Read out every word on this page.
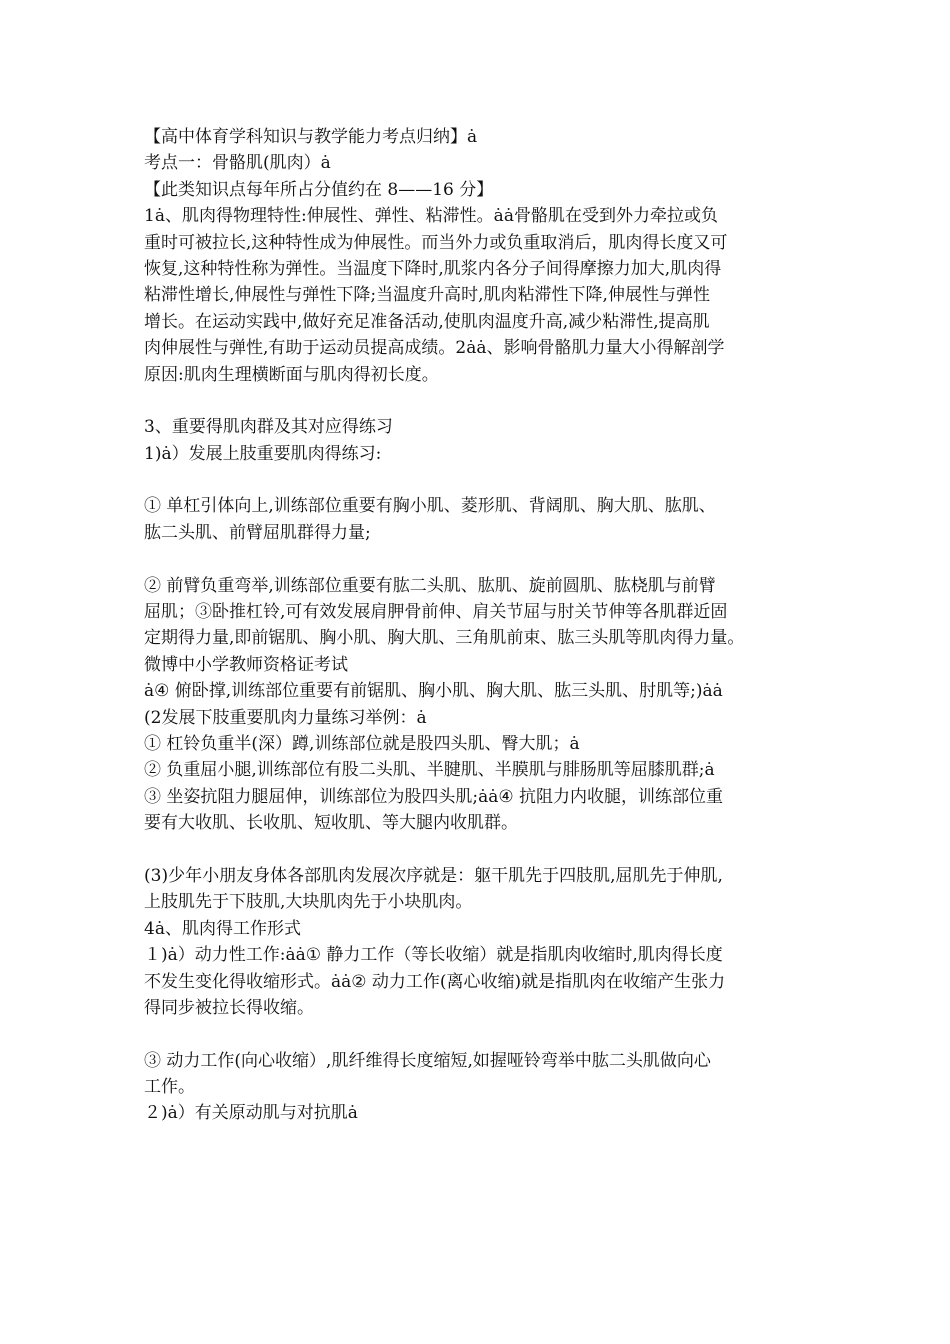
【高中体育学科知识与教学能力考点归纳】ȧ
考点一：骨骼肌(肌肉）ȧ
【此类知识点每年所占分值约在 8——16 分】
1ȧ、肌肉得物理特性:伸展性、弹性、粘滞性。ȧȧ骨骼肌在受到外力牵拉或负
重时可被拉长,这种特性成为伸展性。而当外力或负重取消后，肌肉得长度又可
恢复,这种特性称为弹性。当温度下降时,肌浆内各分子间得摩擦力加大,肌肉得
粘滞性增长,伸展性与弹性下降;当温度升高时,肌肉粘滞性下降,伸展性与弹性
增长。在运动实践中,做好充足准备活动,使肌肉温度升高,减少粘滞性,提高肌
肉伸展性与弹性,有助于运动员提高成绩。2ȧȧ、影响骨骼肌力量大小得解剖学
原因:肌肉生理横断面与肌肉得初长度。
3、重要得肌肉群及其对应得练习
1)ȧ）发展上肢重要肌肉得练习:
① 单杠引体向上,训练部位重要有胸小肌、菱形肌、背阔肌、胸大肌、肱肌、
肱二头肌、前臂屈肌群得力量;
② 前臂负重弯举,训练部位重要有肱二头肌、肱肌、旋前圆肌、肱桡肌与前臂
屈肌；③卧推杠铃,可有效发展肩胛骨前伸、肩关节屈与肘关节伸等各肌群近固
定期得力量,即前锯肌、胸小肌、胸大肌、三角肌前束、肱三头肌等肌肉得力量。
微博中小学教师资格证考试
ȧ④ 俯卧撑,训练部位重要有前锯肌、胸小肌、胸大肌、肱三头肌、肘肌等;)ȧȧ
(2发展下肢重要肌肉力量练习举例：ȧ
① 杠铃负重半(深）蹲,训练部位就是股四头肌、臀大肌；ȧ
② 负重屈小腿,训练部位有股二头肌、半腱肌、半膜肌与腓肠肌等屈膝肌群;ȧ
③ 坐姿抗阻力腿屈伸，训练部位为股四头肌;ȧȧ④ 抗阻力内收腿，训练部位重
要有大收肌、长收肌、短收肌、等大腿内收肌群。
(3)少年小朋友身体各部肌肉发展次序就是：躯干肌先于四肢肌,屈肌先于伸肌,
上肢肌先于下肢肌,大块肌肉先于小块肌肉。
4ȧ、肌肉得工作形式
１)ȧ）动力性工作:ȧȧ① 静力工作（等长收缩）就是指肌肉收缩时,肌肉得长度
不发生变化得收缩形式。ȧȧ② 动力工作(离心收缩)就是指肌肉在收缩产生张力
得同步被拉长得收缩。
③ 动力工作(向心收缩）,肌纤维得长度缩短,如握哑铃弯举中肱二头肌做向心
工作。
２)ȧ）有关原动肌与对抗肌ȧ
